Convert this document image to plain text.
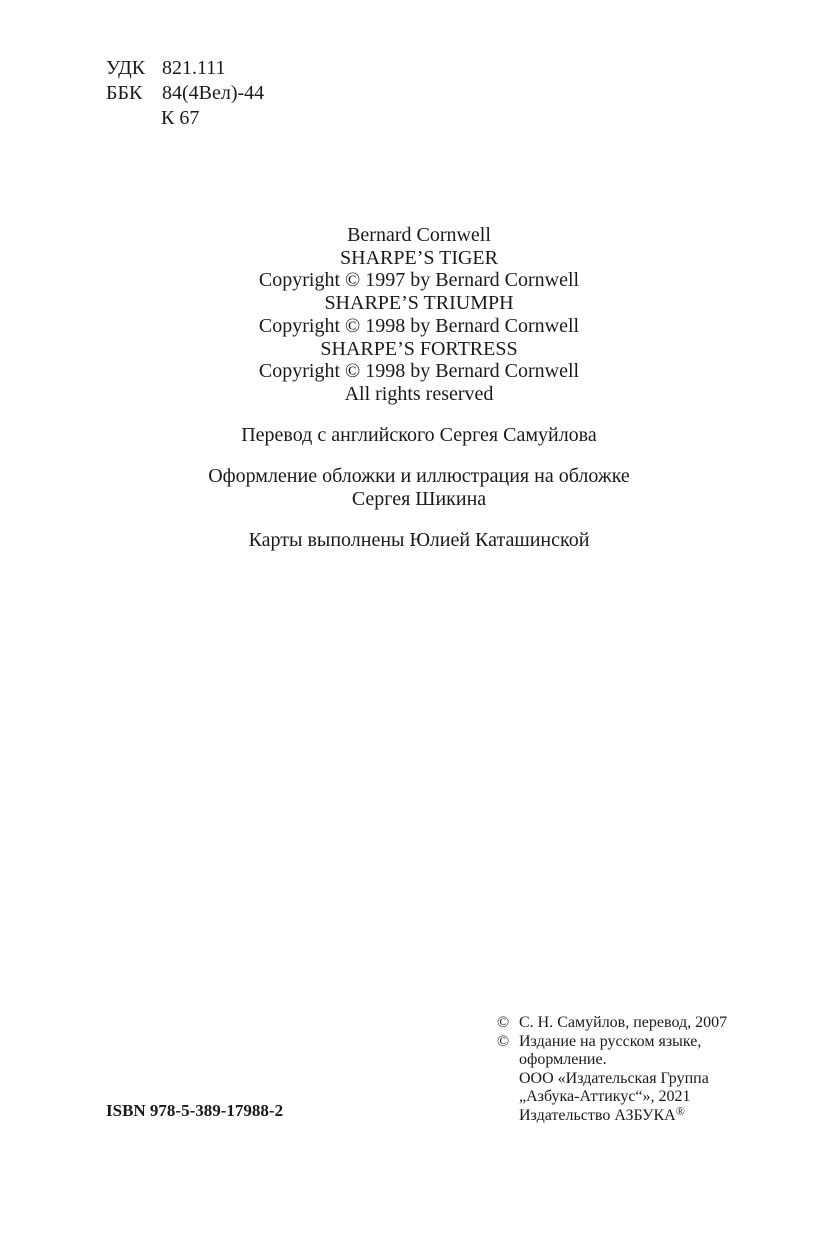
УДК 821.111
ББК 84(4Вел)-44
К 67
Bernard Cornwell
SHARPE’S TIGER
Copyright © 1997 by Bernard Cornwell
SHARPE’S TRIUMPH
Copyright © 1998 by Bernard Cornwell
SHARPE’S FORTRESS
Copyright © 1998 by Bernard Cornwell
All rights reserved
Перевод с английского Сергея Самуйлова
Оформление обложки и иллюстрация на обложке
Сергея Шикина
Карты выполнены Юлией Каташинской
ISBN 978-5-389-17988-2
© С. Н. Самуйлов, перевод, 2007
© Издание на русском языке,
оформление.
ООО «Издательская Группа
„Азбука-Аттикус“», 2021
Издательство АЗБУКА®
